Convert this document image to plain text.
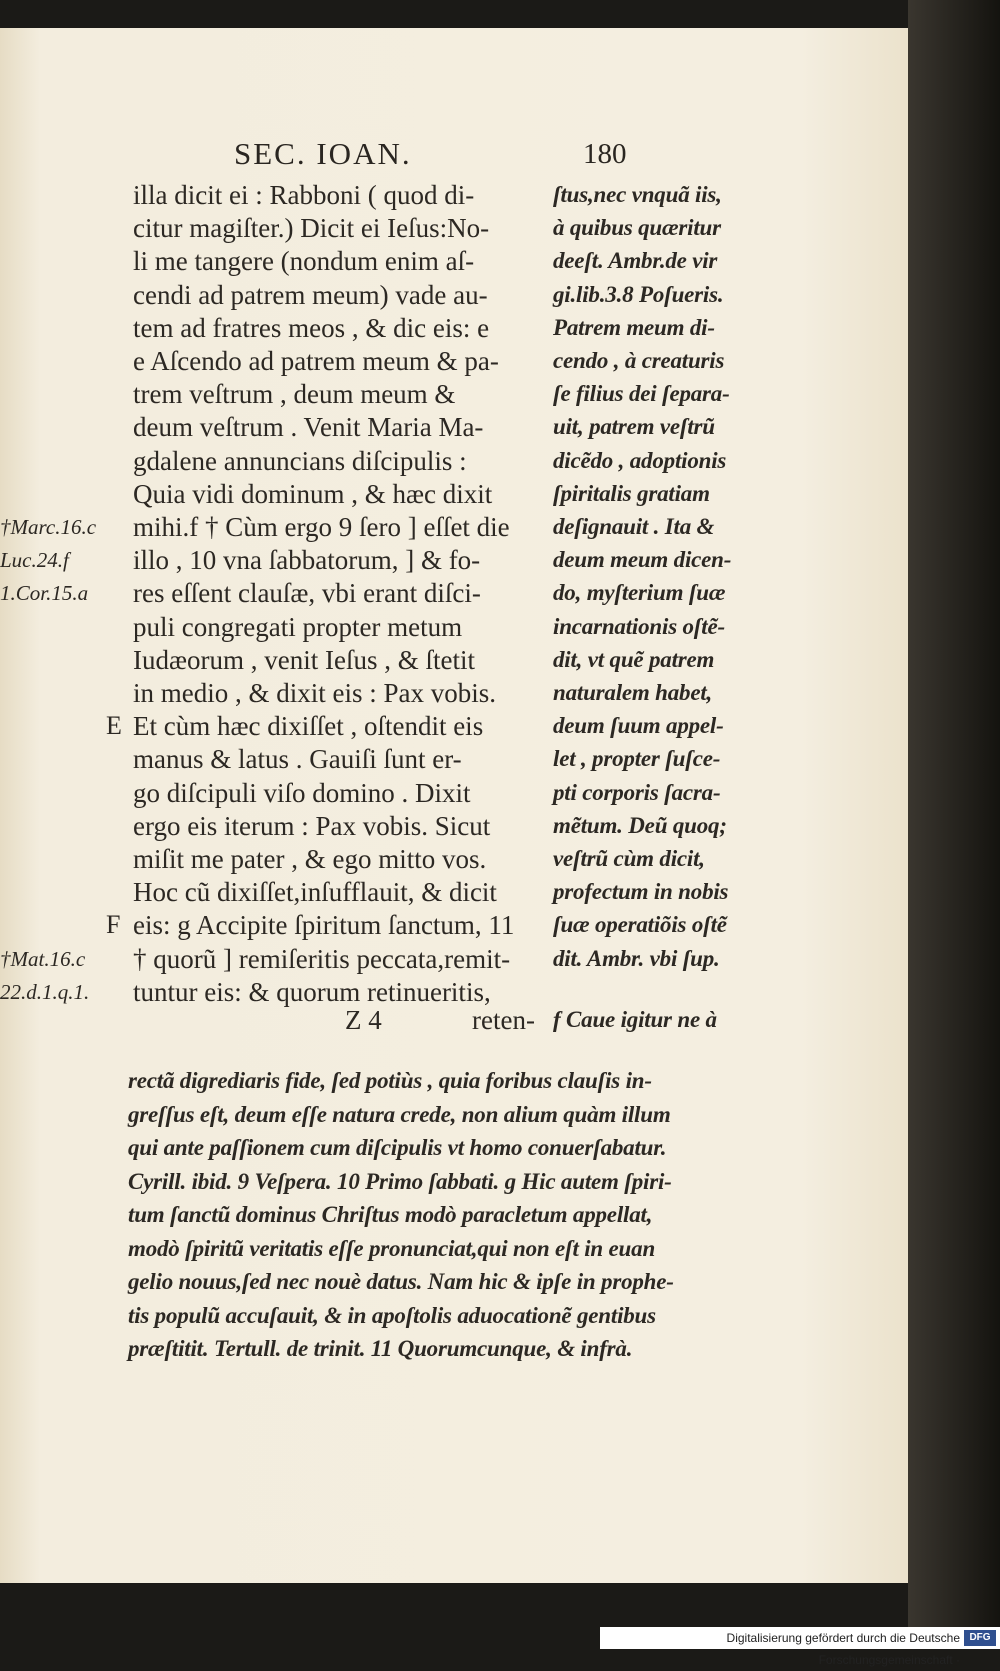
SEC. IOAN.	180
illa dicit ei : Rabboni ( quod di-	ſtus,nec vnquã iis,
citur magiſter.) Dicit ei Ieſus:No-	à quibus quæritur
li me tangere (nondum enim aſ-	deeſt. Ambr.de vir
cendi ad patrem meum) vade au-	gi.lib.3.8 Poſueris.
tem ad fratres meos , & dic eis: e	Patrem meum di-
e Aſcendo ad patrem meum & pa-	cendo , à creaturis
trem veſtrum , deum meum &	ſe filius dei ſepara-
deum veſtrum . Venit Maria Ma-	uit, patrem veſtrũ
gdalene annuncians diſcipulis :	dicẽdo , adoptionis
Quia vidi dominum , & hæc dixit	ſpiritalis gratiam
†Marc.16.c	mihi.f † Cùm ergo 9 ſero ] eſſet die	deſignauit . Ita &
Luc.24.f	illo , 10 vna ſabbatorum, ] & fo-	deum meum dicen-
1.Cor.15.a	res eſſent clauſæ, vbi erant diſci-	do, myſterium ſuæ
puli congregati propter metum	incarnationis oſtẽ-
Iudæorum , venit Ieſus , & ſtetit	dit, vt quẽ patrem
in medio , & dixit eis : Pax vobis.	naturalem habet,
E Et cùm hæc dixiſſet , oſtendit eis	deum ſuum appel-
manus & latus . Gauiſi ſunt er-	let , propter ſuſce-
go diſcipuli viſo domino . Dixit	pti corporis ſacra-
ergo eis iterum : Pax vobis. Sicut	mẽtum. Deũ quoq;
miſit me pater , & ego mitto vos.	veſtrũ cùm dicit,
Hoc cũ dixiſſet,inſufflauit, & dicit	profectum in nobis
F eis: g Accipite ſpiritum ſanctum, 11	ſuæ operatiõis oſtẽ
†Mat.16.c	† quorũ ] remiſeritis peccata,remit-	dit. Ambr. vbi ſup.
22.d.1.q.1.	tuntur eis: & quorum retinueritis,
Z 4	reten- f Caue igitur ne à
rectã digrediaris fide, ſed potiùs , quia foribus clauſis in-
greſſus eſt, deum eſſe natura crede, non alium quàm illum
qui ante paſſionem cum diſcipulis vt homo conuerſabatur.
Cyrill. ibid. 9 Veſpera. 10 Primo ſabbati. g Hic autem ſpiri-
tum ſanctũ dominus Chriſtus modò paracletum appellat,
modò ſpiritũ veritatis eſſe pronunciat,qui non eſt in euan
gelio nouus,ſed nec nouè datus. Nam hic & ipſe in prophe-
tis populũ accuſauit, & in apoſtolis aduocationẽ gentibus
præſtitit. Tertull. de trinit. 11 Quorumcunque, & infrà.
Digitalisierung gefördert durch die Deutsche Forschungsgemeinschaft ·
DFG
